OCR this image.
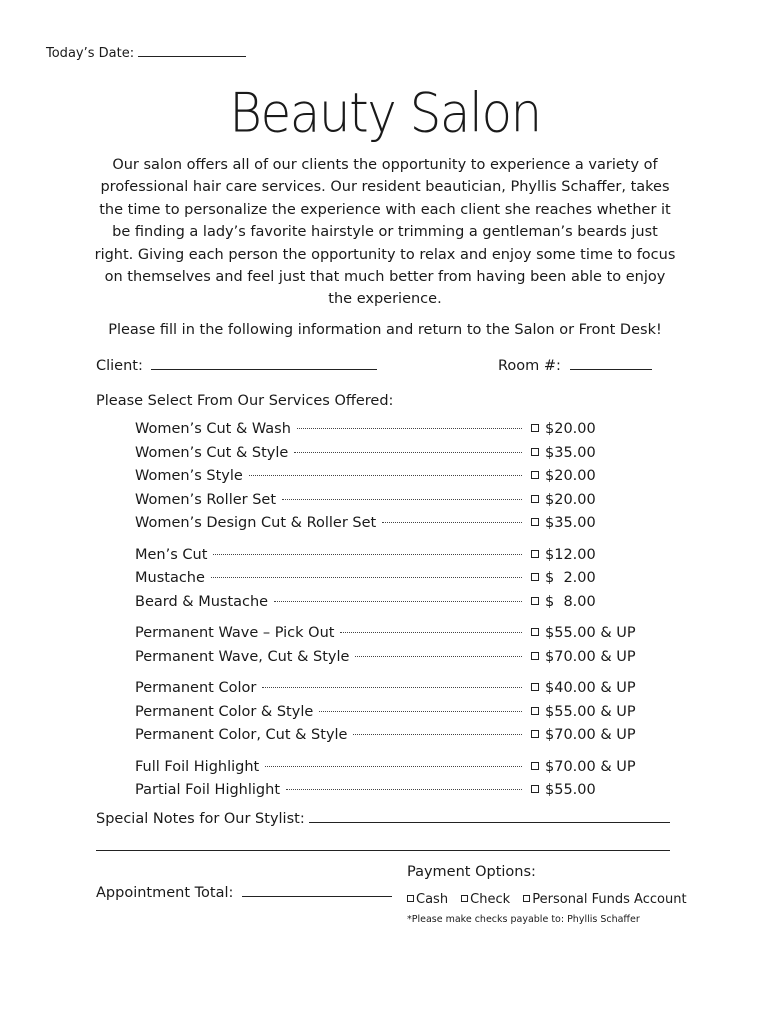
Today’s Date:
Beauty Salon
Our salon offers all of our clients the opportunity to experience a variety of professional hair care services. Our resident beautician, Phyllis Schaffer, takes the time to personalize the experience with each client she reaches whether it be finding a lady’s favorite hairstyle or trimming a gentleman’s beards just right. Giving each person the opportunity to relax and enjoy some time to focus on themselves and feel just that much better from having been able to enjoy the experience.
Please fill in the following information and return to the Salon or Front Desk!
Client:	Room #:
Please Select From Our Services Offered:
Women’s Cut & Wash	$20.00
Women’s Cut & Style	$35.00
Women’s Style	$20.00
Women’s Roller Set	$20.00
Women’s Design Cut & Roller Set	$35.00
Men’s Cut	$12.00
Mustache	$  2.00
Beard & Mustache	$  8.00
Permanent Wave – Pick Out	$55.00 & UP
Permanent Wave, Cut & Style	$70.00 & UP
Permanent Color	$40.00 & UP
Permanent Color & Style	$55.00 & UP
Permanent Color, Cut & Style	$70.00 & UP
Full Foil Highlight	$70.00 & UP
Partial Foil Highlight	$55.00
Special Notes for Our Stylist:
Payment Options:
Cash
Check
Personal Funds Account
*Please make checks payable to: Phyllis Schaffer
Appointment Total:
